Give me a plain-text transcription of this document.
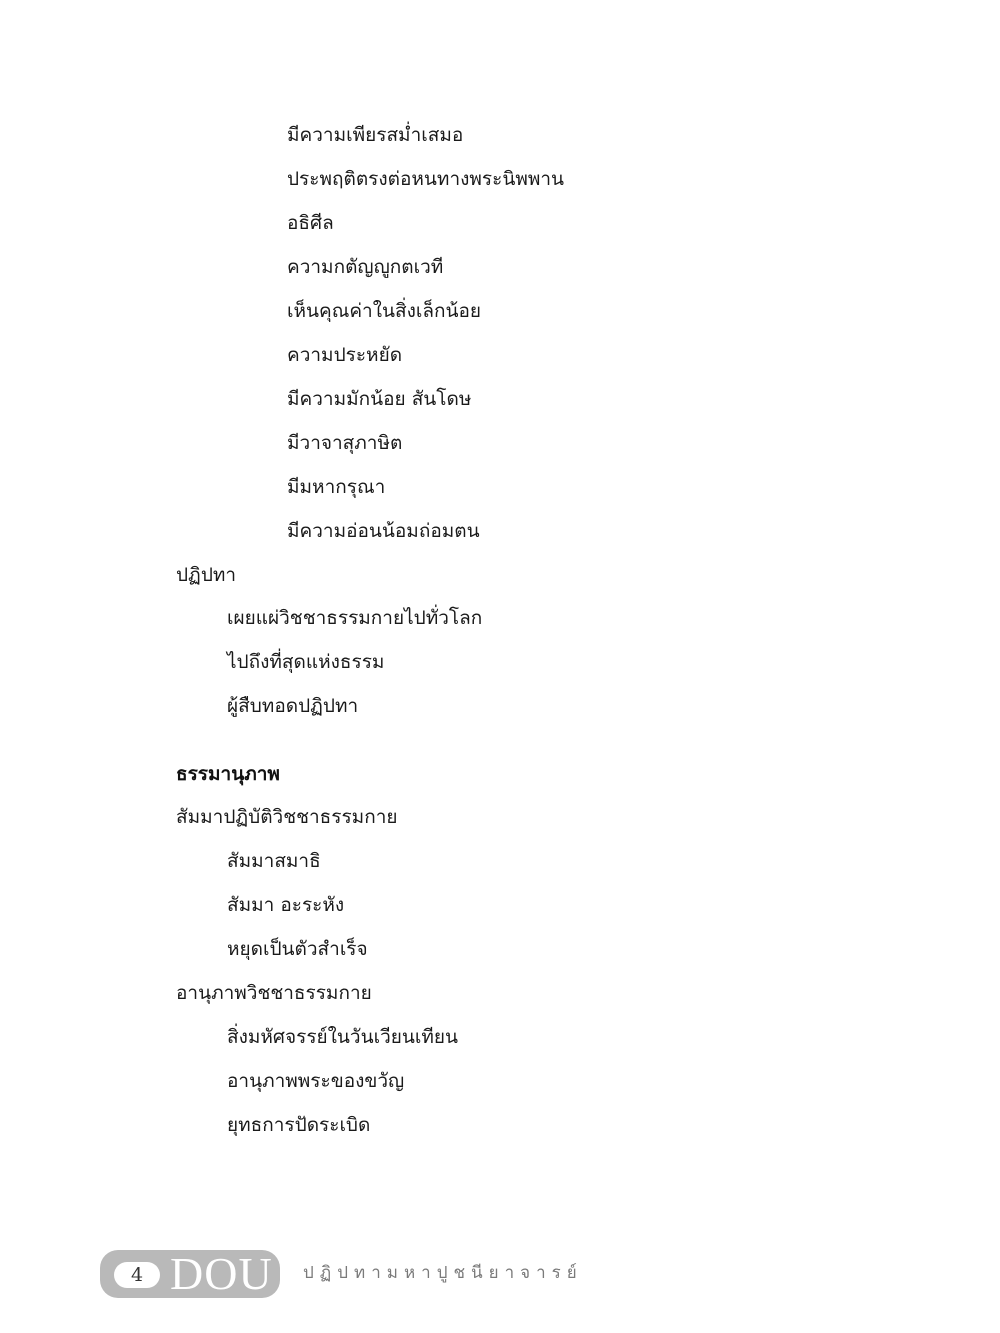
มีความเพียรสม่ำเสมอ
ประพฤติตรงต่อหนทางพระนิพพาน
อธิศีล
ความกตัญญูกตเวที
เห็นคุณค่าในสิ่งเล็กน้อย
ความประหยัด
มีความมักน้อย สันโดษ
มีวาจาสุภาษิต
มีมหากรุณา
มีความอ่อนน้อมถ่อมตน
ปฏิปทา
เผยแผ่วิชชาธรรมกายไปทั่วโลก
ไปถึงที่สุดแห่งธรรม
ผู้สืบทอดปฏิปทา
ธรรมานุภาพ
สัมมาปฏิบัติวิชชาธรรมกาย
สัมมาสมาธิ
สัมมา อะระหัง
หยุดเป็นตัวสำเร็จ
อานุภาพวิชชาธรรมกาย
สิ่งมหัศจรรย์ในวันเวียนเทียน
อานุภาพพระของขวัญ
ยุทธการปัดระเบิด
4 DOU ปฏิปทามหาปูชนียาจารย์
